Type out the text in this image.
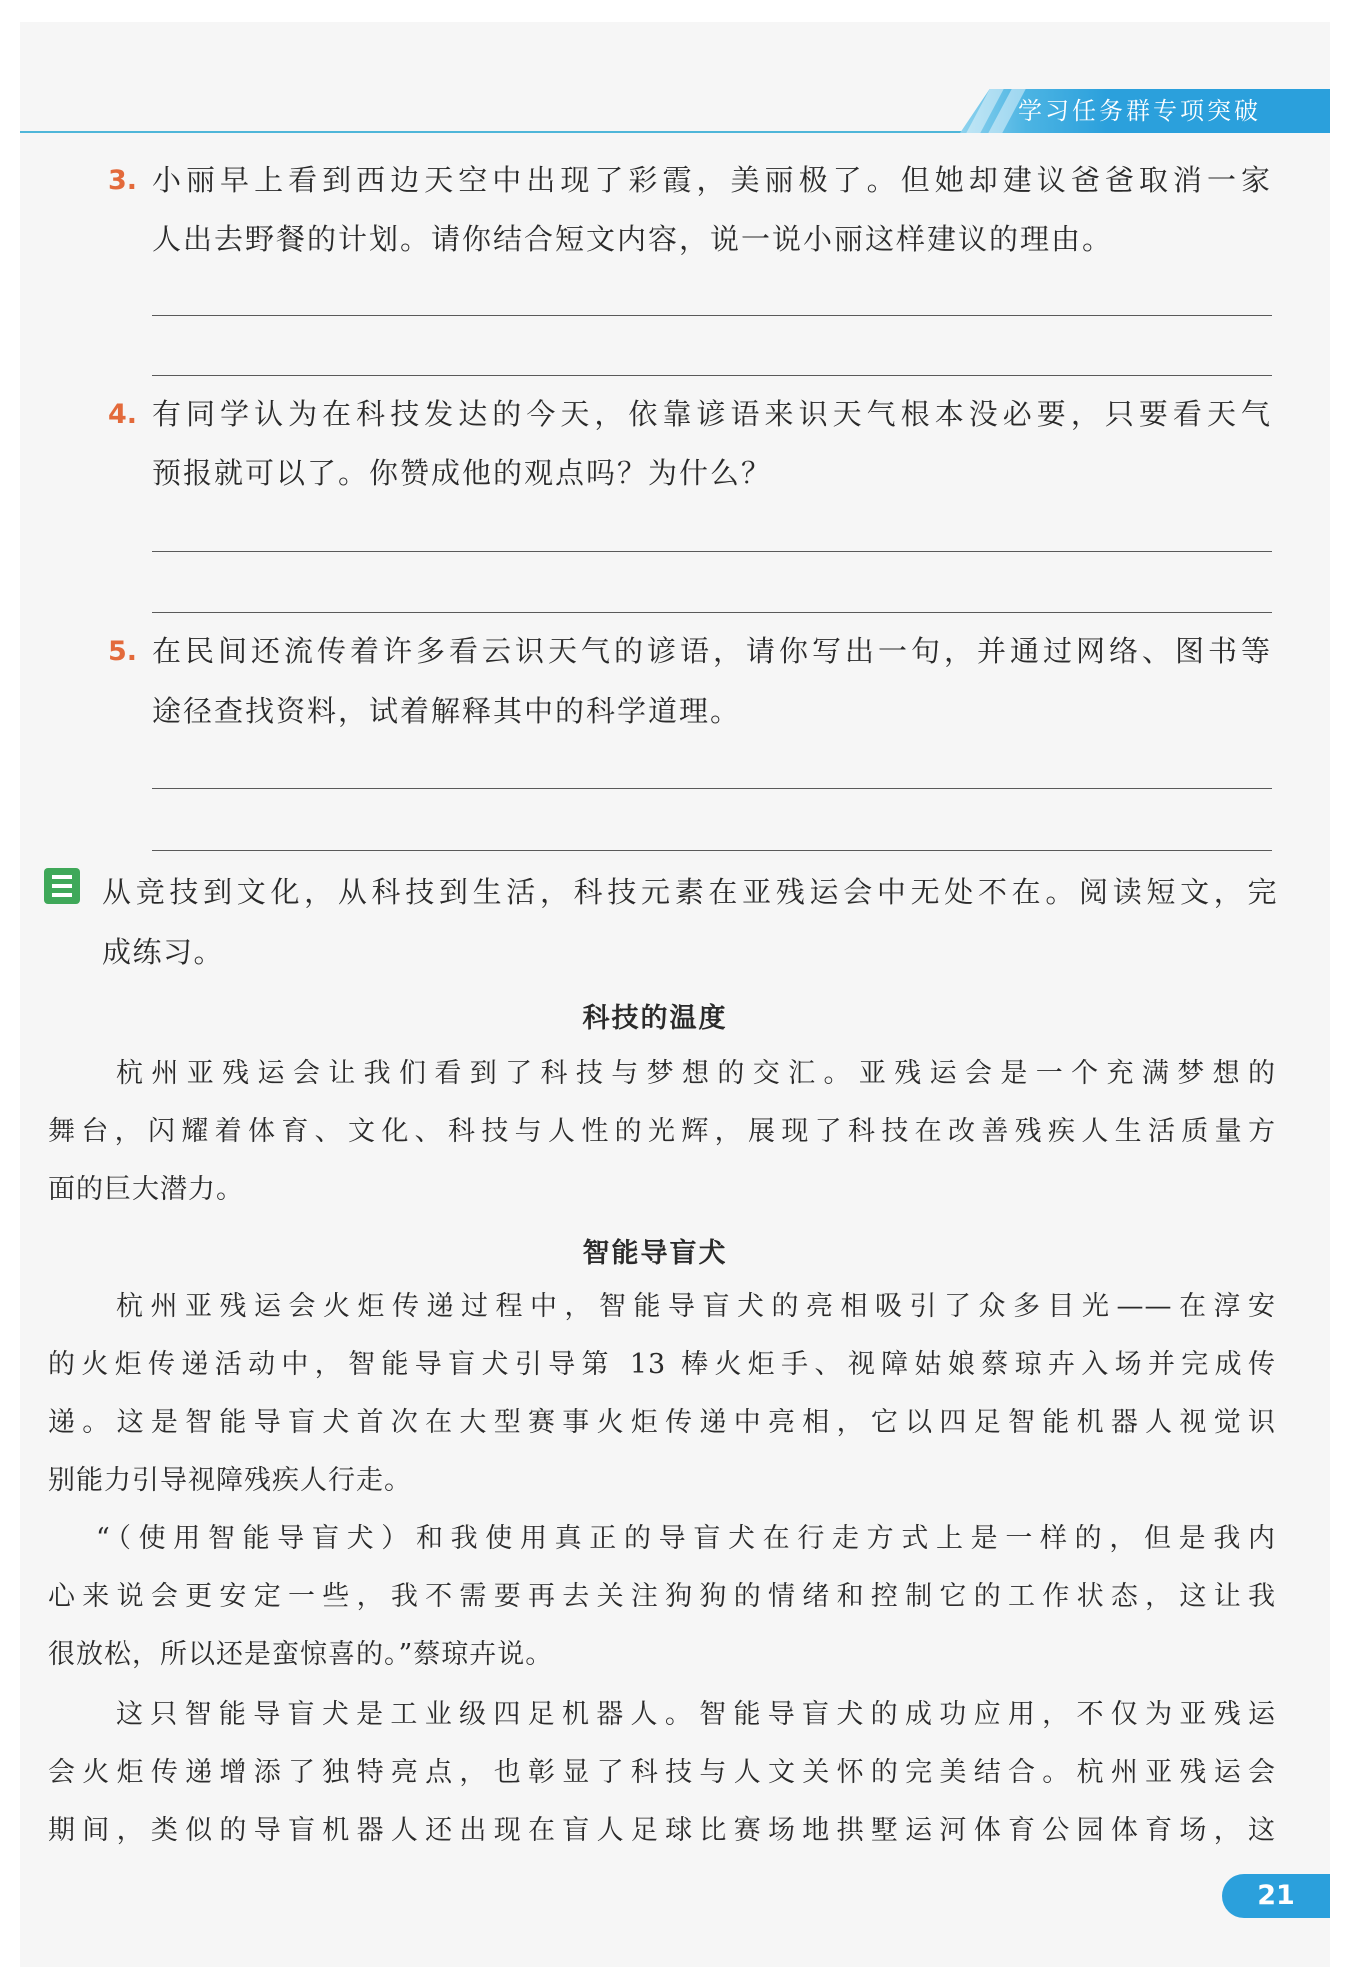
学习任务群专项突破
3. 小丽早上看到西边天空中出现了彩霞，美丽极了。但她却建议爸爸取消一家
人出去野餐的计划。请你结合短文内容，说一说小丽这样建议的理由。
4. 有同学认为在科技发达的今天，依靠谚语来识天气根本没必要，只要看天气
预报就可以了。你赞成他的观点吗？为什么？
5. 在民间还流传着许多看云识天气的谚语，请你写出一句，并通过网络、图书等
途径查找资料，试着解释其中的科学道理。
从竞技到文化，从科技到生活，科技元素在亚残运会中无处不在。阅读短文，完
成练习。
科技的温度
杭州亚残运会让我们看到了科技与梦想的交汇。亚残运会是一个充满梦想的
舞台，闪耀着体育、文化、科技与人性的光辉，展现了科技在改善残疾人生活质量方
面的巨大潜力。
智能导盲犬
杭州亚残运会火炬传递过程中，智能导盲犬的亮相吸引了众多目光——在淳安
的火炬传递活动中，智能导盲犬引导第 13 棒火炬手、视障姑娘蔡琼卉入场并完成传
递。这是智能导盲犬首次在大型赛事火炬传递中亮相，它以四足智能机器人视觉识
别能力引导视障残疾人行走。
“（使用智能导盲犬）和我使用真正的导盲犬在行走方式上是一样的，但是我内
心来说会更安定一些，我不需要再去关注狗狗的情绪和控制它的工作状态，这让我
很放松，所以还是蛮惊喜的。”蔡琼卉说。
这只智能导盲犬是工业级四足机器人。智能导盲犬的成功应用，不仅为亚残运
会火炬传递增添了独特亮点，也彰显了科技与人文关怀的完美结合。杭州亚残运会
期间，类似的导盲机器人还出现在盲人足球比赛场地拱墅运河体育公园体育场，这
21
